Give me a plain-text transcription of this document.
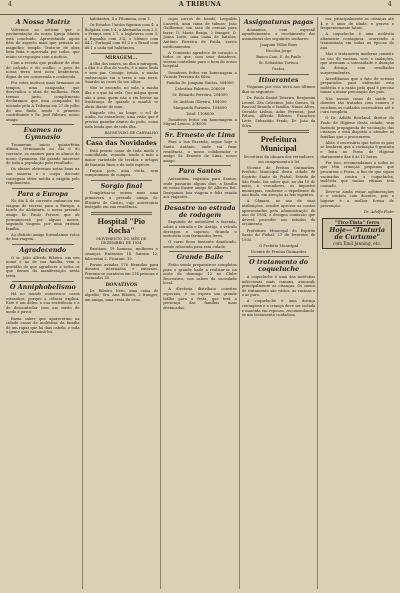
4	A TRIBUNA	4
A Nossa Matriz

Volvemos ao noticiar que o pavimentação do nosso Igreja Matriz está concluído. Aproveitando agora fiéis de aspecto mais que pensam no magnífico templo. Trata-se de obra bem feita e aprovada por todos, que muito se regozijou com a notícia.

Com a receita que produzir de obra de calçado e do soalho, o povo de nossa terra terá nova benfeitoria, digna de ser conservada e conhecida.

Por estes motivos mais firmamos os tempos, uma campanha que desvendou a obra de melhoria. Para termos justo, complemento declaramos que essa campanha foi iniciada pela A Tribuna em 27 de julho do ano findo, tendo o primeiro contribuinte o Sr. José Ribeiro, nosso amigo.

Exames no Gymnasio

Trouxeram início quinta-feira última, terminando no dia 6 do corrente, os exames para os alunos do nosso Gymnasio. Há grande interesse de toda a população pelo resultado.

Os alunos obtiveram notas boas na sua maioria e o corpo docente conseguiu obter média a exigida pelo regulamento.

Para a Europa

No dia 4 do corrente embarcou em viagem de recreio para a Europa, a bordo do Alcântara, o nosso prezado amigo Sr. Paulo Ferrari, que ali permanecerá por alguns meses, seguindo viagem, por uma extensa família.

Ao distinto amigo formulamos votos de boa viagem.

Agradecendo

O sr. João Alfredo Ribeiro, em seu nome e no de sua família, vem a gratidão de que agradecer a todos os que deram da manifestação nesta terra.

O Anniphobelismo

Há no mundo numerosos casos estranhos, porque a ciência explica. Este é um deles: a sua resistência e a de descontrolar com um misto de medo e pavor.

Basta saber que apareceram na cidade casos de moléstias da família de um rapaz que há dias cabelo, e toda a gente quis examiná-los.

habitantes, 4 a Filomena, com 3.

Os Estados Unidos figuram com 4, a Bulgária com 1.4, a Alemanha com 2.5, a França com 2.7, a Inglaterra com 3, a Espanha com 3.4, o México com 44.1, Portugal com 63.2 e o Brasil com 68.1 a cada mil habitantes.

MIRAGEM...

A ilha dos mares, ou ilha a miragem, a ilha é a ilha de vocês, é a mais linda e sem par. Comigo, irmão, a minha embarcação vai a terra a sua terra. Guardei as cores do seu olhar.

Não te escondo, no vale, a minha ilha e o que há nela. Que mágoa quem não a ama, quem não a viu brotar na lembrança de quando a manhã se abriu diante de mim.

Naquele céu, ao longe, o sol de sonho, no entardecer, uma visão que é preciso guardar dentro do peito, como toda lenda que de toda ilha.

RAYMUNDO DE CARVALHO

Casa das Novidades

Está pronto casar de toda moda e comodidade, reunida, tendo à mão a maior variedade de tecidos e artigos de fantasia finos e de toda espécie.

Façam pois, uma visita, sem compromisso de compra.

Sorgio final

Completou-se ontem mais uma primavera o prezado amigo Sr. Elisiário de Castro, cujo aniversário festejado em sua residência.

Hospital "Pio Rocha"

MOVIMENTO DO MÊS DE DEZEMBRO DE 1934

Existiam: 19 homens, mulheres e crianças. Entraram 14. Saíram 12, faleceram 2. Ficaram: 19.

Foram aviadas 176 fórmulas para doentes internados e externos. Fizeram-se curativos em 214 pessoas e vacinados 30.

DONATIVOS

Dr. Ribeiro Neto, uma caixa de algodão; Sra. Ana Ribeiro, 2 frangos; um amigo, uma cesta de ovos.

cujos carros de bonde, Leopoldo Luzzetti, uma caixa de tábuas; João Guilherme, um saco de cereais para fazer; D. Maria Braga, 2 frangos; D. Joana Leite, uma caixa de batatas; Antônio Ferreira de Paula, varios medicamentos.

A Comissão agradece de coração a todos os que, com seus donativos, vieram contribuir para o bem do nosso hospital.

Donativos feitos em homenagem a Vicente Ferreira da Silva.

Família Dr. Joaquim Santos, 50$000

Celestina Fabrício, 20$000

Sr. Eduardo Ferreira, 20$000

Sr. Antônio Oliveira, 10$000

Margarida Forneiro, 10$000

Total: 110$000

Donativos feitos em homenagem a Miguel Lemos, 20$000.

Sr. Ernesto de Lima

Para a sua Fazenda, segue hoje a Santo Antônio, onde vai fixar residência, o nosso colaborador e amigo Sr. Ernesto de Lima, nosso amigo.

Para Santos

Anteontem, viajaram para Santos, onde passarão alguns dias, a família de nosso ilustre amigo Sr. Alberto Bel. Desejamos boa viagem e feliz estada aos viajantes.

Desastre no estrada de rodagem

Seguindo de automóvel a fazenda, sobre a estrada o Dr. Araújo, o veículo derrapou e capotou, ficando o motorista com ferimentos leves.

O carro ficou bastante danificado, sendo rebocado para esta cidade.

Grande Baile

Estão sendo preparativos completos para o grande baile a realizar-se na noite de domingo 12 no Clube Recreativo, nos salões da sociedade local.

A diretoria distribuiu convites especiais, e se espera um grande brilho para a festa, que terá a presença das famílias mais destacadas.

Assignaturas pagas

Acusamos, com especial agradecimento, o recebimento das assinaturas dos seguintes senhores:

Joaquim Villas Boas

Nicolau Jorge

Banco Com. E. do Paulo

Sr. Sebastião Tortoca

Gratos.

Itinerantes

Viajaram por esta terra nos últimos dias os seguintes:

Dr. Paulo Daniel Teixeira, Benjamim Leonel, Zéo Celestino, João Gomes, Sr. Pascoal Branda e família, Ninon Alves, Osvaldo Lisboa, Adão Ferreira, José Peluso, Alfredo Ribeiro, Francisco Leite, Sebastião Prado, Dr. João da Silva.

Prefeitura Municipal

Secretário da câmara dos vereadores em cumprimento à lei

Vicente de Freitas Guimarães, Prefeito Municipal desta cidade de Espírito Santo do Pinhal, Estado de São Paulo, faz saber que, no dia 10 de maio, a vereadores, os impostos municipais, conforme o expediente do ano findo, em atenção as leis vigentes.

A Câmara, no uso de suas atribuições, resolve aprovar as contas apresentadas pela administração do ano de 1934, e designa comissão que deverá proceder aos estudos do orçamento.

Prefeitura Municipal do Espírito Santo do Pinhal, 27 de fevereiro de 1935.

O Prefeito Municipal

Vicente de Freitas Guimarães

O tratamento do coqueluche

A coqueluche é uma das moléstias infecciosas mais comuns, atacando principalmente as crianças. Os meios de tratamento são vários, as vacinas e o ar puro.

A coqueluche é uma doença contagiosa e a criança deve ser isolada e mantida em repouso, recomendando-se um tratamento cuidadoso.

ros, principalmente as crianças até 4 e 5 anos de idade, e graves e frequentemente fatais.

A coqueluche é uma moléstia altamente contagiosa, ocorrendo a transmissão em todas as épocas do ano.

Mas o tratamento moderno consiste no uso de vacinas, soro e inalações, que atenuam a intensidade e duração da doença, com resultados surpreendentes.

Acreditamos que o fato de sermos preparados para enfrentar esta moléstia é a razão pela qual é preciso tomar a maior precaução dos pais.

Nas nossas casas de saúde os doentes são tratados com esmero e recebem os cuidados necessários até à cura completa.

O Dr. Adolfo Rowland, diretor do Posto de Higiene desta cidade, vem fazendo propaganda de vacinação das crianças e está disposto a atender as famílias que o procurarem.

Aliás, é necessário que todos os pais se lembrem que a vacinação é gratuita e feita no Posto de Higiene diariamente das 8 às 11 horas.

Por isso, recomendamos a todos os que têm crianças pequenas que procurem o Posto, a fim de que sejam vacinadas contra a coqueluche, moléstia que tantas vítimas tem causado.

Deve-se ainda evitar aglomerações e o contato com doentes, pois a higiene é a melhor forma de prevenção.

Dr. Adolfo Flohr

"Tiro-Tinta" ferro
Hoje—"Tinturia de Curtume"
com Emil Jenning, etc.
